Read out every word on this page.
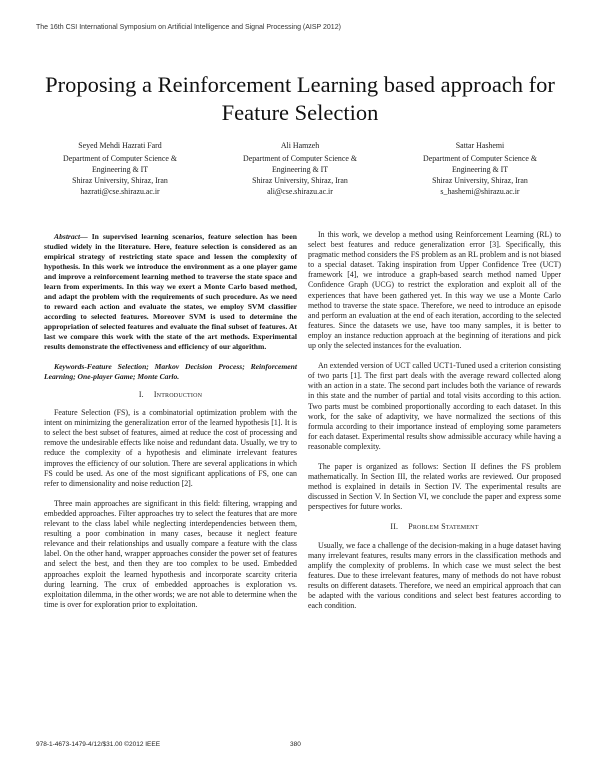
The 16th CSI International Symposium on Artificial Intelligence and Signal Processing (AISP 2012)
Proposing a Reinforcement Learning based approach for Feature Selection
Seyed Mehdi Hazrati Fard
Department of Computer Science &
Engineering & IT
Shiraz University, Shiraz, Iran
hazrati@cse.shirazu.ac.ir
Ali Hamzeh
Department of Computer Science &
Engineering & IT
Shiraz University, Shiraz, Iran
ali@cse.shirazu.ac.ir
Sattar Hashemi
Department of Computer Science &
Engineering & IT
Shiraz University, Shiraz, Iran
s_hashemi@shirazu.ac.ir

Abstract— In supervised learning scenarios, feature selection has been studied widely in the literature. Here, feature selection is considered as an empirical strategy of restricting state space and lessen the complexity of hypothesis. In this work we introduce the environment as a one player game and improve a reinforcement learning method to traverse the state space and learn from experiments. In this way we exert a Monte Carlo based method, and adapt the problem with the requirements of such procedure. As we need to reward each action and evaluate the states, we employ SVM classifier according to selected features. Moreover SVM is used to determine the appropriation of selected features and evaluate the final subset of features. At last we compare this work with the state of the art methods. Experimental results demonstrate the effectiveness and efficiency of our algorithm.

Keywords-Feature Selection; Markov Decision Process; Reinforcement Learning; One-player Game; Monte Carlo.
I. Introduction

Feature Selection (FS), is a combinatorial optimization problem with the intent on minimizing the generalization error of the learned hypothesis [1]. It is to select the best subset of features, aimed at reduce the cost of processing and remove the undesirable effects like noise and redundant data. Usually, we try to reduce the complexity of a hypothesis and eliminate irrelevant features improves the efficiency of our solution. There are several applications in which FS could be used. As one of the most significant applications of FS, one can refer to dimensionality and noise reduction [2].

Three main approaches are significant in this field: filtering, wrapping and embedded approaches. Filter approaches try to select the features that are more relevant to the class label while neglecting interdependencies between them, resulting a poor combination in many cases, because it neglect feature relevance and their relationships and usually compare a feature with the class label. On the other hand, wrapper approaches consider the power set of features and select the best, and then they are too complex to be used. Embedded approaches exploit the learned hypothesis and incorporate scarcity criteria during learning. The crux of embedded approaches is exploration vs. exploitation dilemma, in the other words; we are not able to determine when the time is over for exploration prior to exploitation.

In this work, we develop a method using Reinforcement Learning (RL) to select best features and reduce generalization error [3]. Specifically, this pragmatic method considers the FS problem as an RL problem and is not biased to a special dataset. Taking inspiration from Upper Confidence Tree (UCT) framework [4], we introduce a graph-based search method named Upper Confidence Graph (UCG) to restrict the exploration and exploit all of the experiences that have been gathered yet. In this way we use a Monte Carlo method to traverse the state space. Therefore, we need to introduce an episode and perform an evaluation at the end of each iteration, according to the selected features. Since the datasets we use, have too many samples, it is better to employ an instance reduction approach at the beginning of iterations and pick up only the selected instances for the evaluation.

An extended version of UCT called UCT1-Tuned used a criterion consisting of two parts [1]. The first part deals with the average reward collected along with an action in a state. The second part includes both the variance of rewards in this state and the number of partial and total visits according to this action. Two parts must be combined proportionally according to each dataset. In this work, for the sake of adaptivity, we have normalized the sections of this formula according to their importance instead of employing some parameters for each dataset. Experimental results show admissible accuracy while having a reasonable complexity.

The paper is organized as follows: Section II defines the FS problem mathematically. In Section III, the related works are reviewed. Our proposed method is explained in details in Section IV. The experimental results are discussed in Section V. In Section VI, we conclude the paper and express some perspectives for future works.

II. Problem Statement

Usually, we face a challenge of the decision-making in a huge dataset having many irrelevant features, results many errors in the classification methods and amplify the complexity of problems. In which case we must select the best features. Due to these irrelevant features, many of methods do not have robust results on different datasets. Therefore, we need an empirical approach that can be adapted with the various conditions and select best features according to each condition.

978-1-4673-1479-4/12/$31.00 ©2012 IEEE	380
